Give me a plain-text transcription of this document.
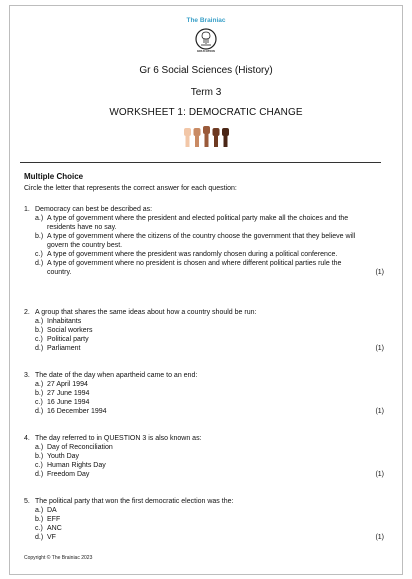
The Brainiac
EDUCATION
Gr 6 Social Sciences (History)
Term 3
WORKSHEET 1: DEMOCRATIC CHANGE
Multiple Choice
Circle the letter that represents the correct answer for each question:
1. Democracy can best be described as:
a.) A type of government where the president and elected political party make all the choices and the residents have no say.
b.) A type of government where the citizens of the country choose the government that they believe will govern the country best.
c.) A type of government where the president was randomly chosen during a political conference.
d.) A type of government where no president is chosen and where different political parties rule the country.	(1)
2. A group that shares the same ideas about how a country should be run:
a.) Inhabitants
b.) Social workers
c.) Political party
d.) Parliament	(1)
3. The date of the day when apartheid came to an end:
a.) 27 April 1994
b.) 27 June 1994
c.) 16 June 1994
d.) 16 December 1994	(1)
4. The day referred to in QUESTION 3 is also known as:
a.) Day of Reconciliation
b.) Youth Day
c.) Human Rights Day
d.) Freedom Day	(1)
5. The political party that won the first democratic election was the:
a.) DA
b.) EFF
c.) ANC
d.) VF	(1)
Copyright © The Brainiac 2023
